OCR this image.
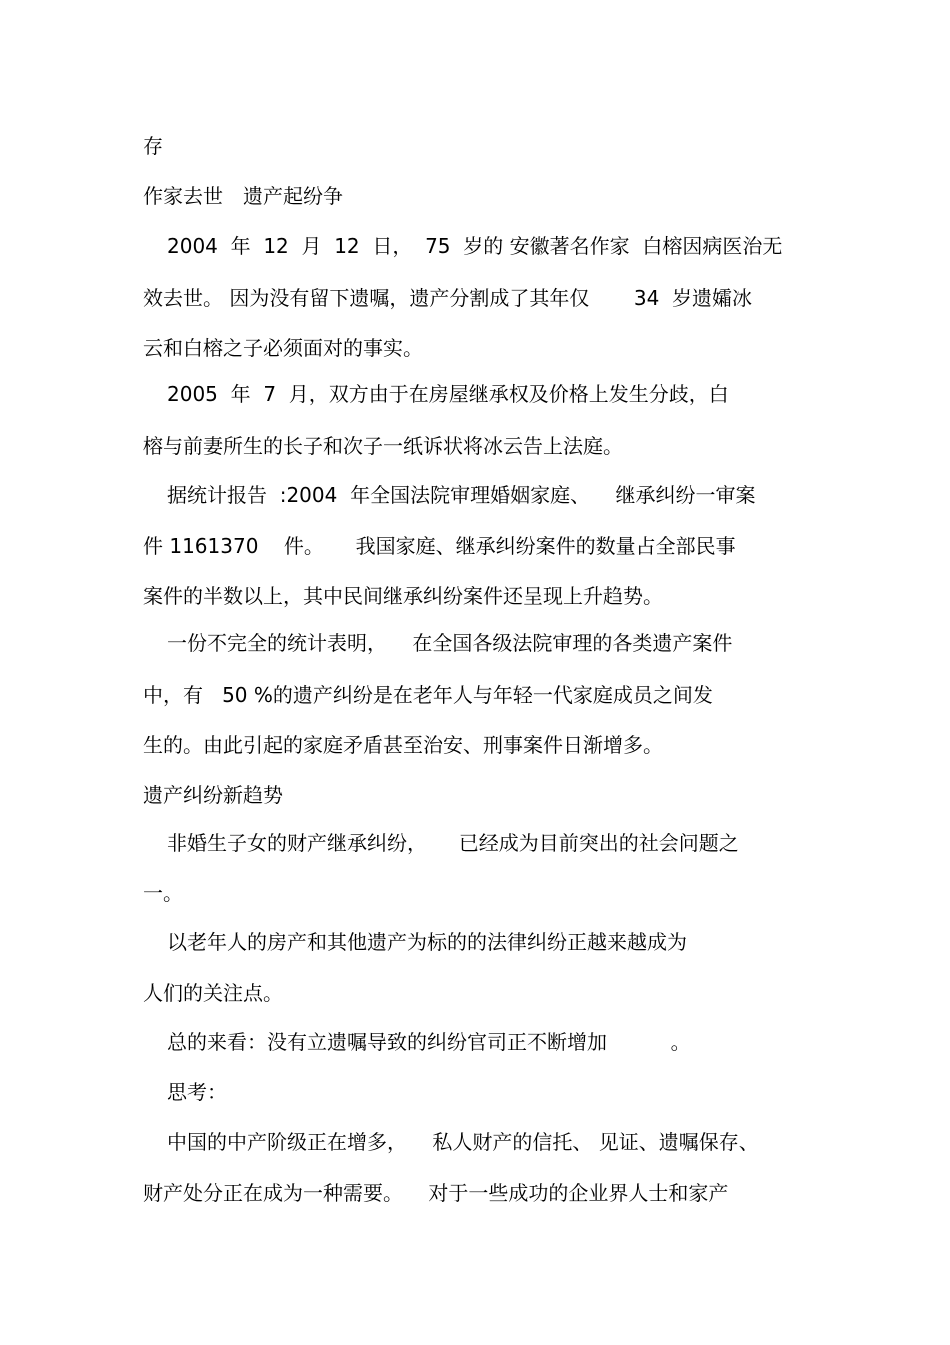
存

作家去世　遗产起纷争

2004  年  12  月  12  日，  75  岁的 安徽著名作家  白榕因病医治无

效去世。 因为没有留下遗嘱，遗产分割成了其年仅       34  岁遗孀冰

云和白榕之子必须面对的事实。

2005  年  7  月，双方由于在房屋继承权及价格上发生分歧，白

榕与前妻所生的长子和次子一纸诉状将冰云告上法庭。

据统计报告  :2004  年全国法院审理婚姻家庭、    继承纠纷一审案

件 1161370    件。     我国家庭、继承纠纷案件的数量占全部民事

案件的半数以上，其中民间继承纠纷案件还呈现上升趋势。

一份不完全的统计表明，    在全国各级法院审理的各类遗产案件

中，有   50 %的遗产纠纷是在老年人与年轻一代家庭成员之间发

生的。由此引起的家庭矛盾甚至治安、刑事案件日渐增多。

遗产纠纷新趋势

非婚生子女的财产继承纠纷，     已经成为目前突出的社会问题之

一。

以老年人的房产和其他遗产为标的的法律纠纷正越来越成为

人们的关注点。

总的来看：没有立遗嘱导致的纠纷官司正不断增加          。

思考：

中国的中产阶级正在增多，    私人财产的信托、 见证、遗嘱保存、

财产处分正在成为一种需要。    对于一些成功的企业界人士和家产
